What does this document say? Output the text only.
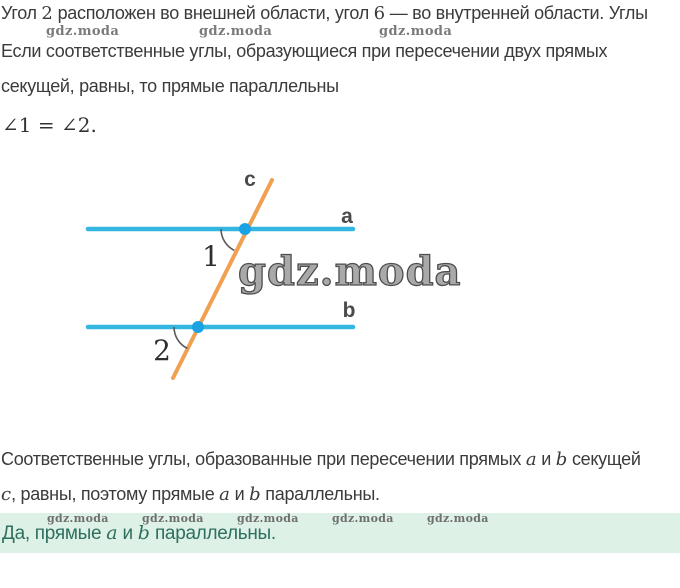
Угол 2 расположен во внешней области, угол 6 — во внутренней области. Углы
gdz.moda	gdz.moda	gdz.moda
Если соответственные углы, образующиеся при пересечении двух прямых
секущей, равны, то прямые параллельны
∠1 = ∠2.
c
a
b
1
2
gdz.moda
Соответственные углы, образованные при пересечении прямых a и b секущей
c, равны, поэтому прямые a и b параллельны.
gdz.moda	gdz.moda	gdz.moda	gdz.moda	gdz.moda
Да, прямые a и b параллельны.
